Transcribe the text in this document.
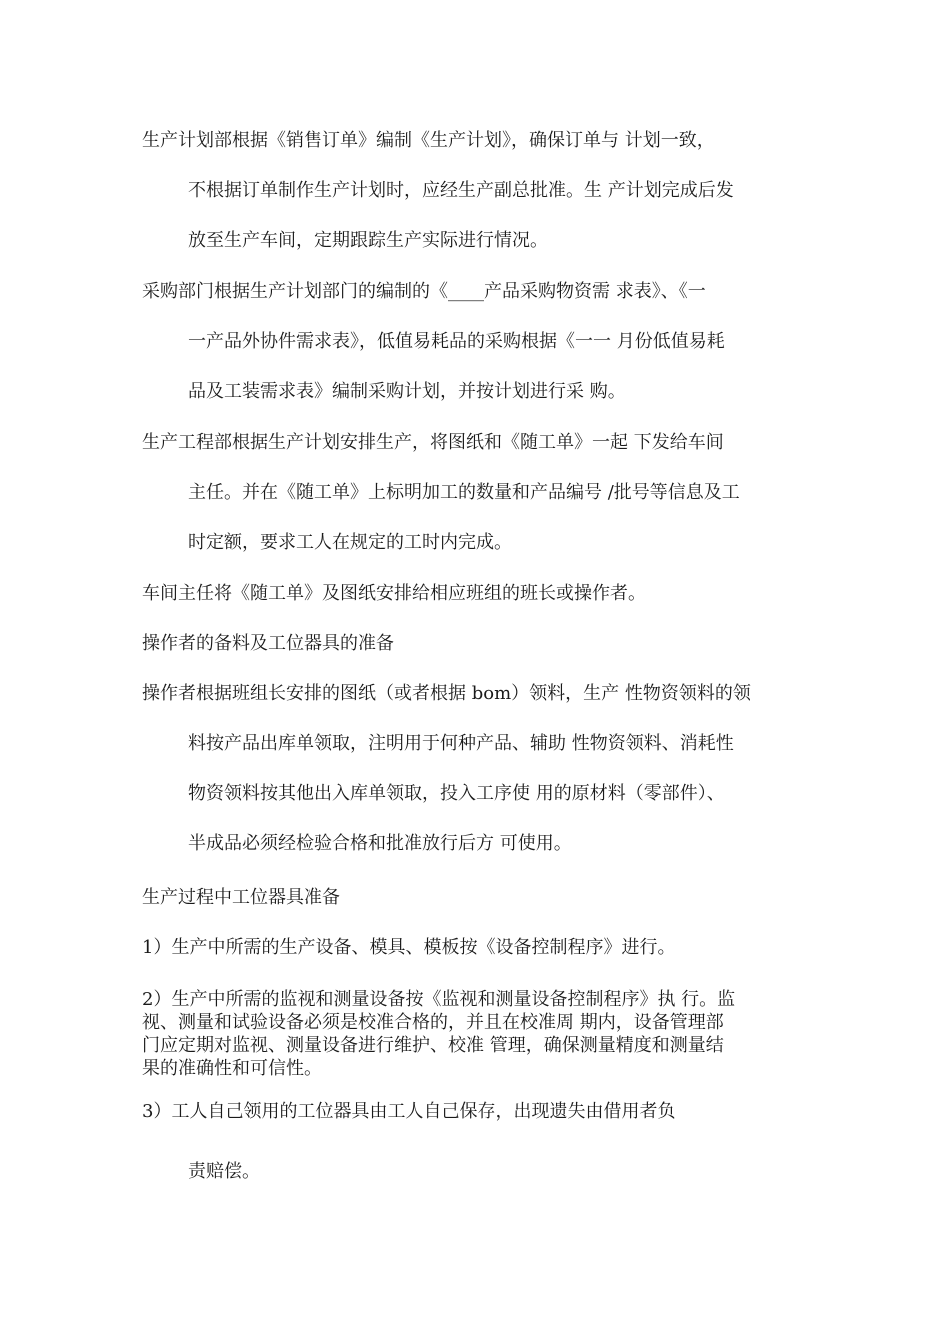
生产计划部根据《销售订单》编制《生产计划》，确保订单与 计划一致，
不根据订单制作生产计划时，应经生产副总批准。生 产计划完成后发
放至生产车间，定期跟踪生产实际进行情况。
采购部门根据生产计划部门的编制的《____产品采购物资需 求表》、《一
一产品外协件需求表》，低值易耗品的采购根据《一一 月份低值易耗
品及工装需求表》编制采购计划，并按计划进行采 购。
生产工程部根据生产计划安排生产，将图纸和《随工单》一起 下发给车间
主任。并在《随工单》上标明加工的数量和产品编号 /批号等信息及工
时定额，要求工人在规定的工时内完成。
车间主任将《随工单》及图纸安排给相应班组的班长或操作者。
操作者的备料及工位器具的准备
操作者根据班组长安排的图纸（或者根据 bom）领料，生产 性物资领料的领
料按产品出库单领取，注明用于何种产品、辅助 性物资领料、消耗性
物资领料按其他出入库单领取，投入工序使 用的原材料（零部件）、
半成品必须经检验合格和批准放行后方 可使用。
生产过程中工位器具准备
1）生产中所需的生产设备、模具、模板按《设备控制程序》进行。
2）生产中所需的监视和测量设备按《监视和测量设备控制程序》执 行。监
视、测量和试验设备必须是校准合格的，并且在校准周 期内，设备管理部
门应定期对监视、测量设备进行维护、校准 管理，确保测量精度和测量结
果的准确性和可信性。
3）工人自己领用的工位器具由工人自己保存，出现遗失由借用者负
责赔偿。
